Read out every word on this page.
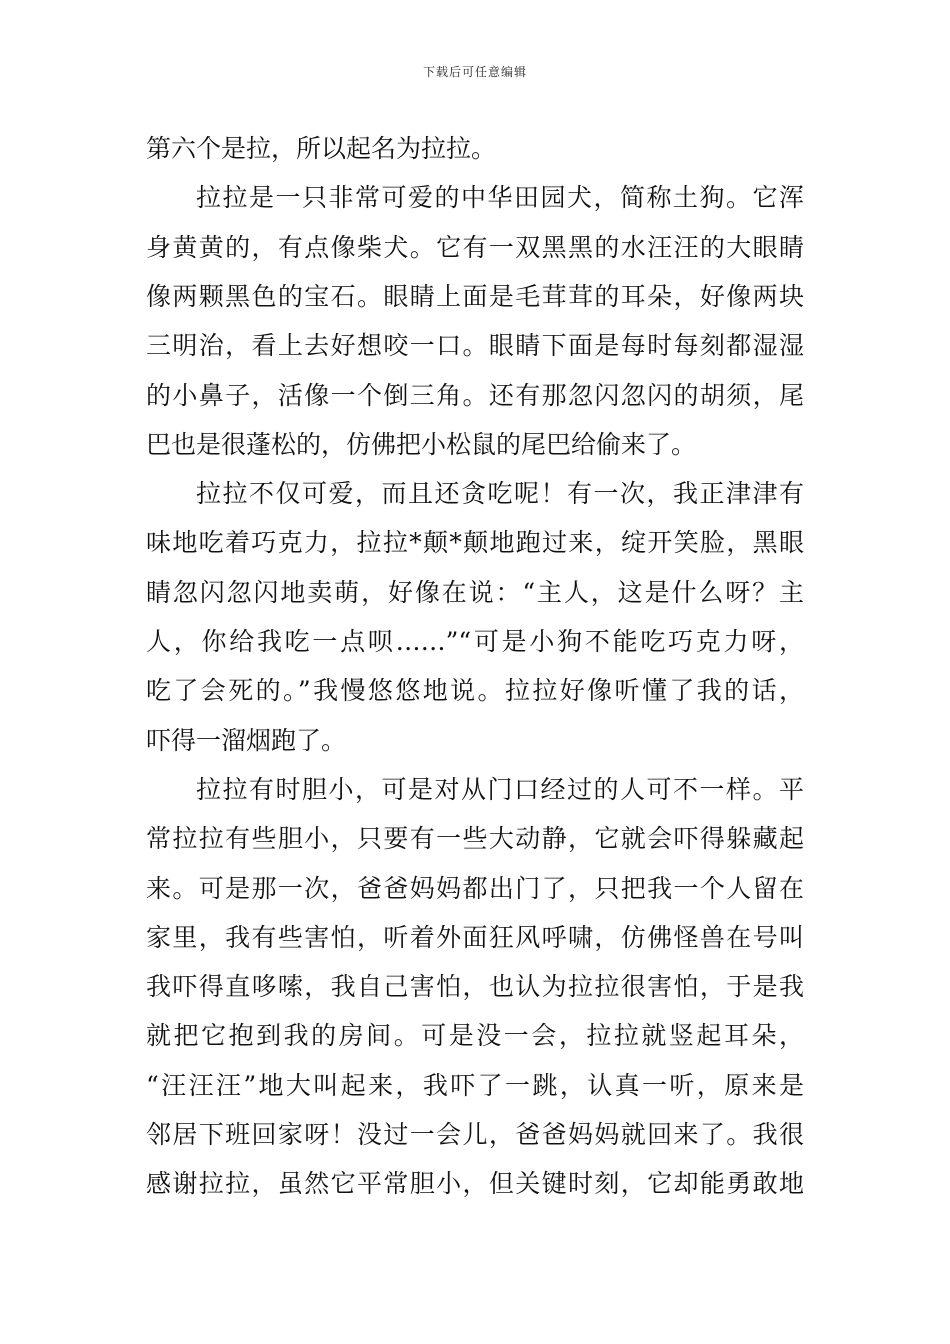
下载后可任意编辑
第六个是拉，所以起名为拉拉。
拉拉是一只非常可爱的中华田园犬，简称土狗。它浑
身黄黄的，有点像柴犬。它有一双黑黑的水汪汪的大眼睛
像两颗黑色的宝石。眼睛上面是毛茸茸的耳朵，好像两块
三明治，看上去好想咬一口。眼睛下面是每时每刻都湿湿
的小鼻子，活像一个倒三角。还有那忽闪忽闪的胡须，尾
巴也是很蓬松的，仿佛把小松鼠的尾巴给偷来了。
拉拉不仅可爱，而且还贪吃呢！有一次，我正津津有
味地吃着巧克力，拉拉*颠*颠地跑过来，绽开笑脸，黑眼
睛忽闪忽闪地卖萌，好像在说：“主人，这是什么呀？主
人，你给我吃一点呗……”“可是小狗不能吃巧克力呀，
吃了会死的。”我慢悠悠地说。拉拉好像听懂了我的话，
吓得一溜烟跑了。
拉拉有时胆小，可是对从门口经过的人可不一样。平
常拉拉有些胆小，只要有一些大动静，它就会吓得躲藏起
来。可是那一次，爸爸妈妈都出门了，只把我一个人留在
家里，我有些害怕，听着外面狂风呼啸，仿佛怪兽在号叫
我吓得直哆嗦，我自己害怕，也认为拉拉很害怕，于是我
就把它抱到我的房间。可是没一会，拉拉就竖起耳朵，
“汪汪汪”地大叫起来，我吓了一跳，认真一听，原来是
邻居下班回家呀！没过一会儿，爸爸妈妈就回来了。我很
感谢拉拉，虽然它平常胆小，但关键时刻，它却能勇敢地
